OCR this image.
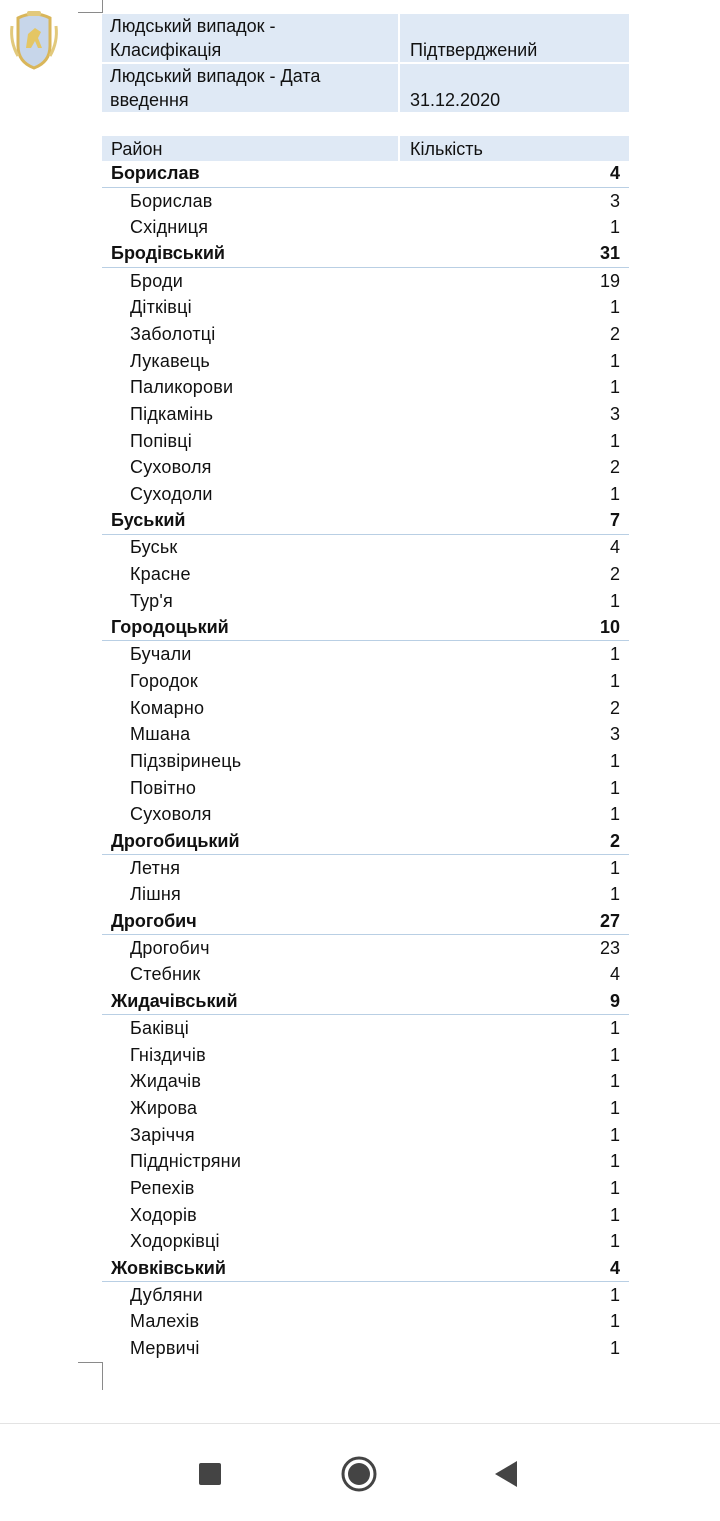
Людський випадок - Класифікація	Підтверджений
Людський випадок - Дата введення	31.12.2020
Район	Кількість
Борислав	4
Борислав	3
Східниця	1
Бродівський	31
Броди	19
Дітківці	1
Заболотці	2
Лукавець	1
Паликорови	1
Підкамінь	3
Попівці	1
Суховоля	2
Суходоли	1
Буський	7
Буськ	4
Красне	2
Тур'я	1
Городоцький	10
Бучали	1
Городок	1
Комарно	2
Мшана	3
Підзвіринець	1
Повітно	1
Суховоля	1
Дрогобицький	2
Летня	1
Лішня	1
Дрогобич	27
Дрогобич	23
Стебник	4
Жидачівський	9
Баківці	1
Гніздичів	1
Жидачів	1
Жирова	1
Заріччя	1
Пiддністряни	1
Репехів	1
Ходорів	1
Ходорківці	1
Жовківський	4
Дубляни	1
Малехів	1
Мервичі	1
